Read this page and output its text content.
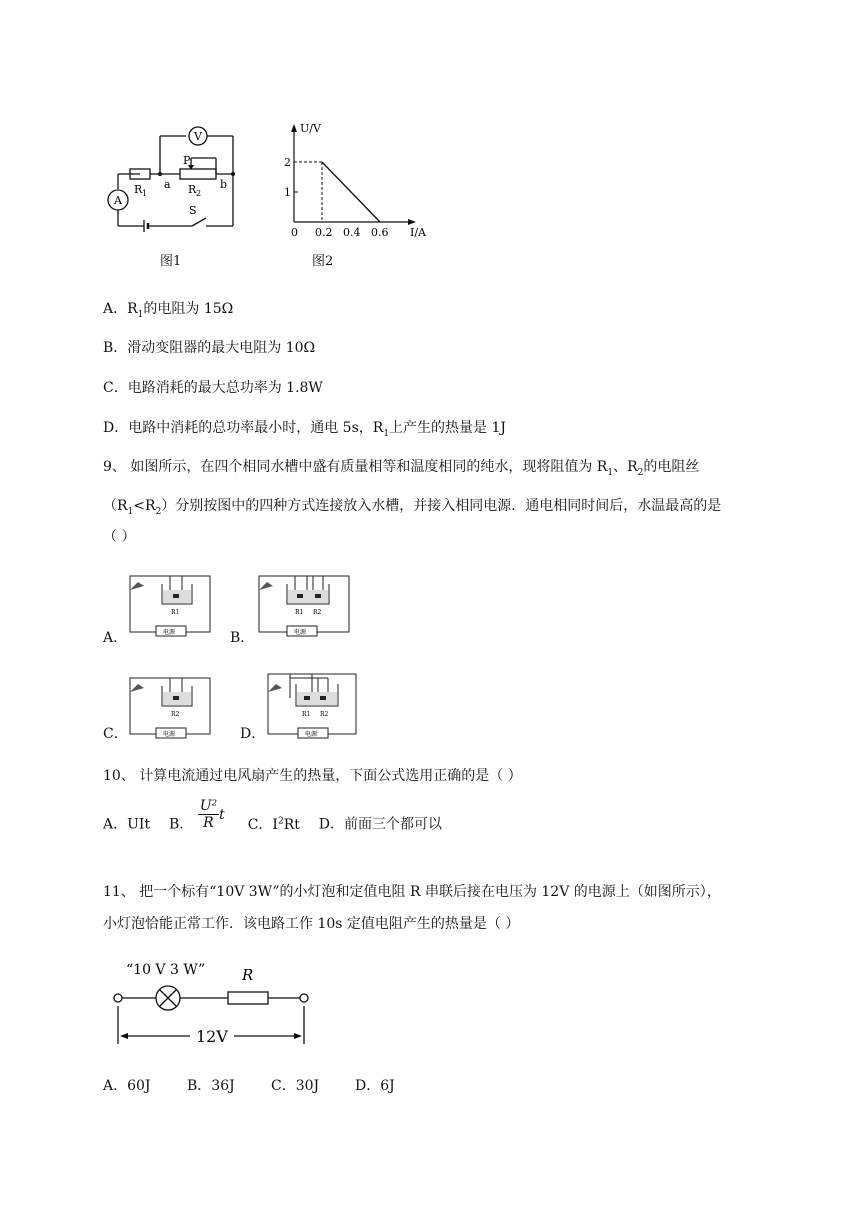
V
A
P
R 1
a R 2
b
S
图1
U/V
I/A
2
1
0 0.2 0.4 0.6
图2
A．$R_1$的电阻为 15Ω
B．滑动变阻器的最大电阻为 10Ω
C．电路消耗的最大总功率为 1.8W
D．电路中消耗的总功率最小时，通电 5s，$R_1$上产生的热量是 1J
9、 如图所示，在四个相同水槽中盛有质量相等和温度相同的纯水，现将阻值为 $R_1$、$R_2$的电阻丝
$(R_1<R_2)$分别按图中的四种方式连接放入水槽，并接入相同电源．通电相同时间后，水温最高的是
（ ）
A．
R1
电源	B．
R1 R2
电源
C．
R2
电源	D．
R1 R2
电源
10、 计算电流通过电风扇产生的热量，下面公式选用正确的是（ ）
A．UIt B． $\frac{\text{U²}}{R}$ t  C．$I^2Rt$ D．前面三个都可以
11、 把一个标有“10V 3W”的小灯泡和定值电阻 R 串联后接在电压为 12V 的电源上（如图所示），
小灯泡恰能正常工作．该电路工作 10s 定值电阻产生的热量是（ ）
“10 V 3 W” R
12V
A．60J	B．36J	C．30J	D．6J
